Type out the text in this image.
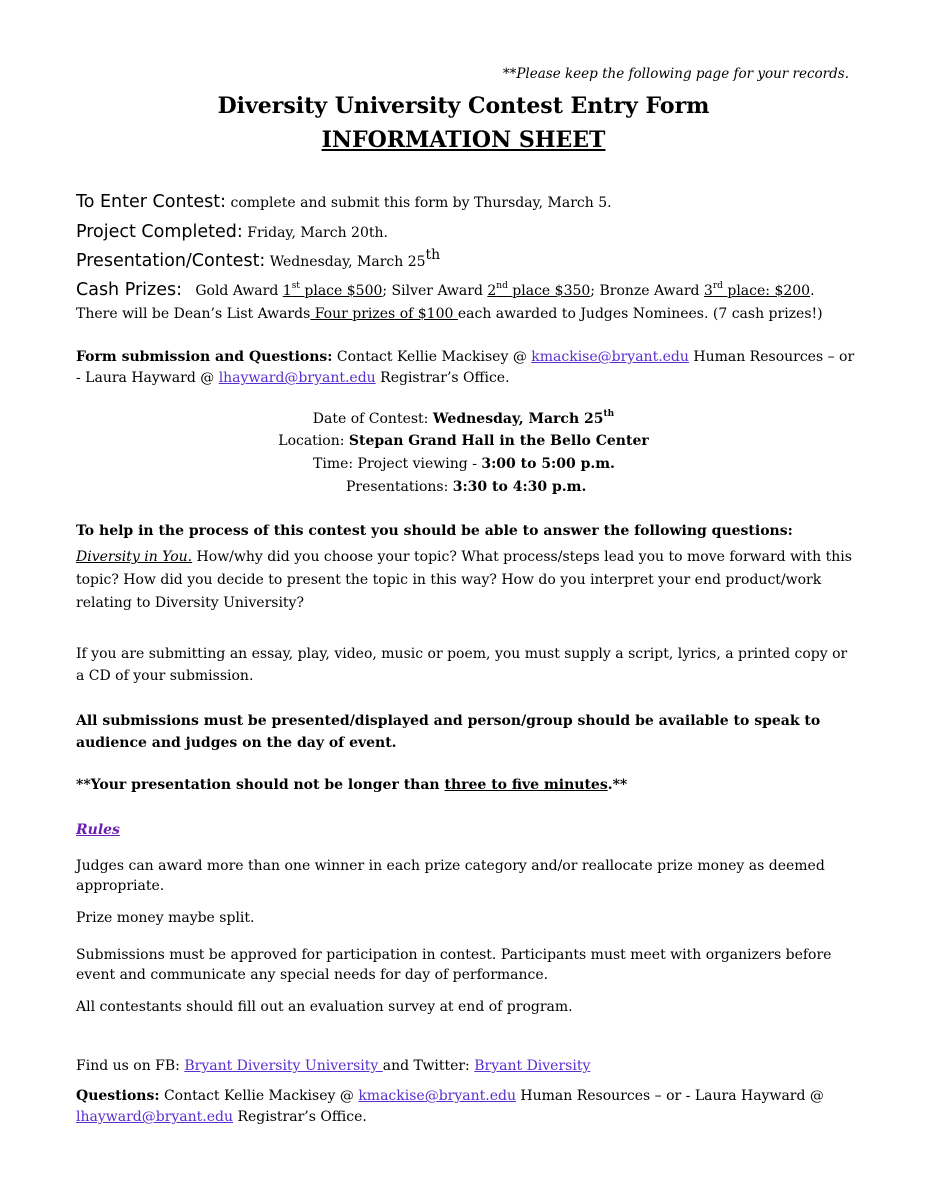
**Please keep the following page for your records.
Diversity University Contest Entry Form
INFORMATION SHEET
To Enter Contest: complete and submit this form by Thursday, March 5.
Project Completed: Friday, March 20th.
Presentation/Contest: Wednesday, March 25th
Cash Prizes: Gold Award 1st place $500; Silver Award 2nd place $350; Bronze Award 3rd place: $200.
There will be Dean’s List Awards Four prizes of $100 each awarded to Judges Nominees. (7 cash prizes!)
Form submission and Questions: Contact Kellie Mackisey @ kmackise@bryant.edu Human Resources – or
- Laura Hayward @ lhayward@bryant.edu Registrar’s Office.
Date of Contest: Wednesday, March 25th
Location: Stepan Grand Hall in the Bello Center
Time: Project viewing - 3:00 to 5:00 p.m.
Presentations: 3:30 to 4:30 p.m.
To help in the process of this contest you should be able to answer the following questions:
Diversity in You. How/why did you choose your topic? What process/steps lead you to move forward with this topic? How did you decide to present the topic in this way? How do you interpret your end product/work relating to Diversity University?
If you are submitting an essay, play, video, music or poem, you must supply a script, lyrics, a printed copy or a CD of your submission.
All submissions must be presented/displayed and person/group should be available to speak to audience and judges on the day of event.
**Your presentation should not be longer than three to five minutes.**
Rules
Judges can award more than one winner in each prize category and/or reallocate prize money as deemed appropriate.
Prize money maybe split.
Submissions must be approved for participation in contest. Participants must meet with organizers before event and communicate any special needs for day of performance.
All contestants should fill out an evaluation survey at end of program.
Find us on FB: Bryant Diversity University and Twitter: Bryant Diversity
Questions: Contact Kellie Mackisey @ kmackise@bryant.edu Human Resources – or - Laura Hayward @
lhayward@bryant.edu Registrar’s Office.
